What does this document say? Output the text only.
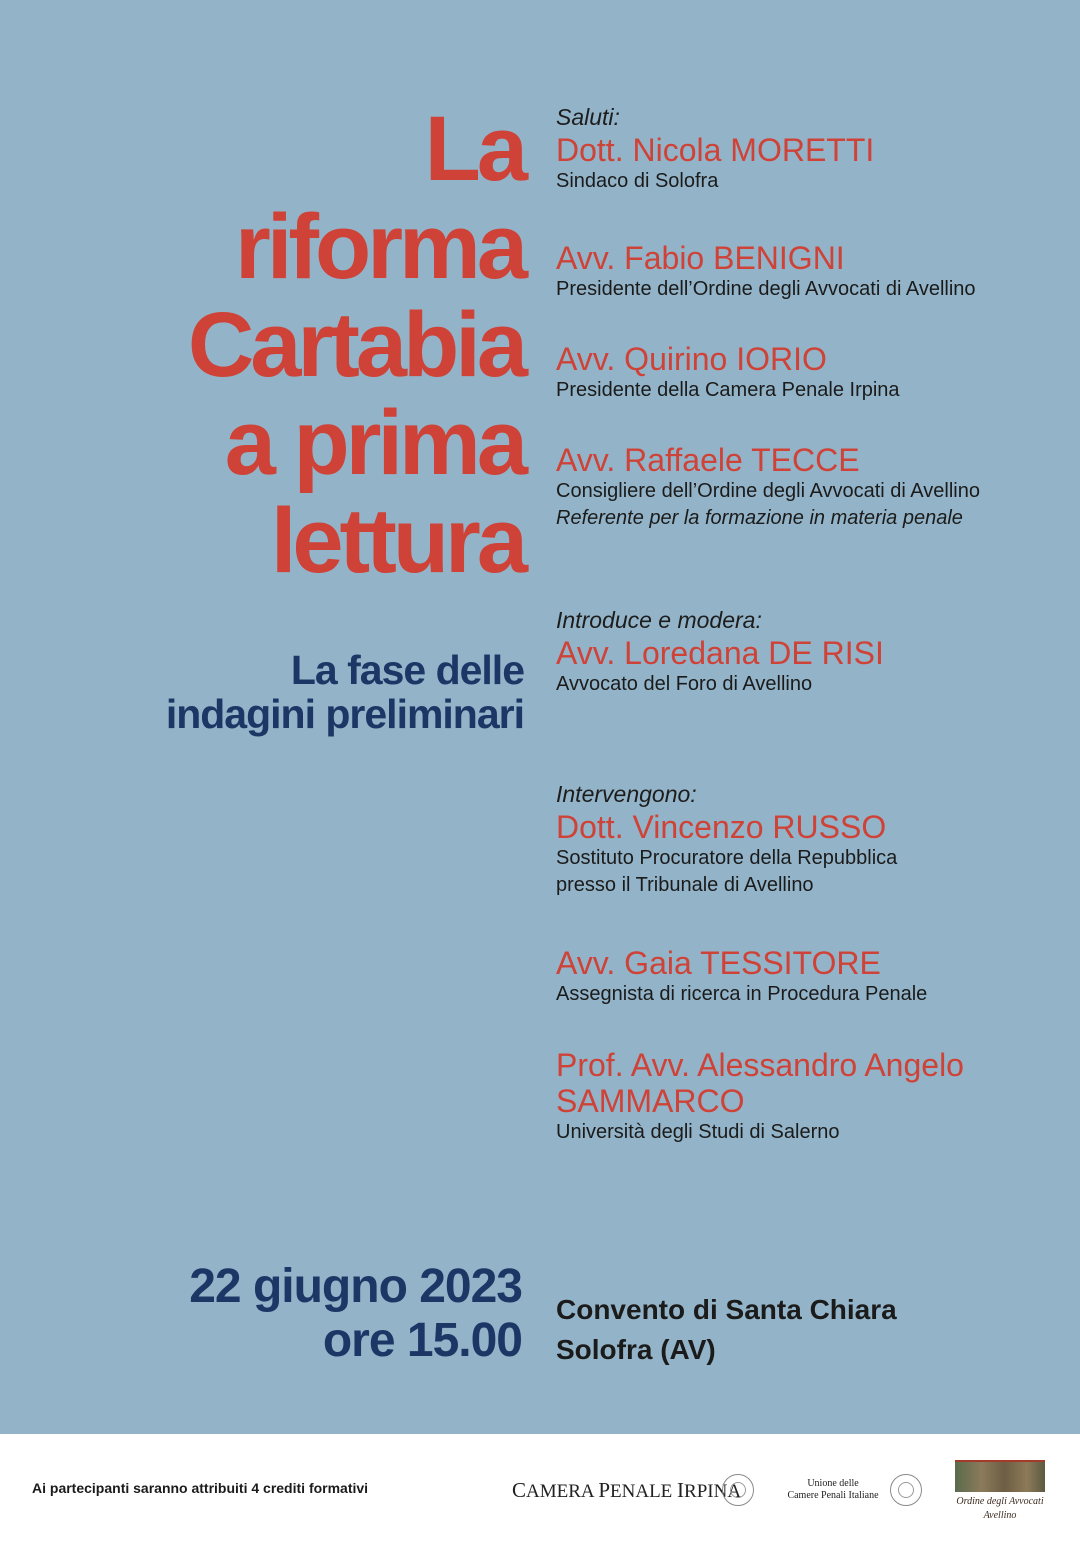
La
riforma
Cartabia
a prima
lettura
La fase delle
indagini preliminari
Saluti:
Dott. Nicola MORETTI
Sindaco di Solofra
Avv. Fabio BENIGNI
Presidente dell’Ordine degli Avvocati di Avellino
Avv. Quirino IORIO
Presidente della Camera Penale Irpina
Avv. Raffaele TECCE
Consigliere dell’Ordine degli Avvocati di Avellino
Referente per la formazione in materia penale
Introduce e modera:
Avv. Loredana DE RISI
Avvocato del Foro di Avellino
Intervengono:
Dott. Vincenzo RUSSO
Sostituto Procuratore della Repubblica
presso il Tribunale di Avellino
Avv. Gaia TESSITORE
Assegnista di ricerca in Procedura Penale
Prof. Avv. Alessandro Angelo
SAMMARCO
Università degli Studi di Salerno
22 giugno 2023
ore 15.00
Convento di Santa Chiara
Solofra (AV)
Ai partecipanti saranno attribuiti 4 crediti formativi	CAMERA PENALE IRPINA	Unione delle
Camere Penali Italiane
Ordine degli Avvocati
Avellino
